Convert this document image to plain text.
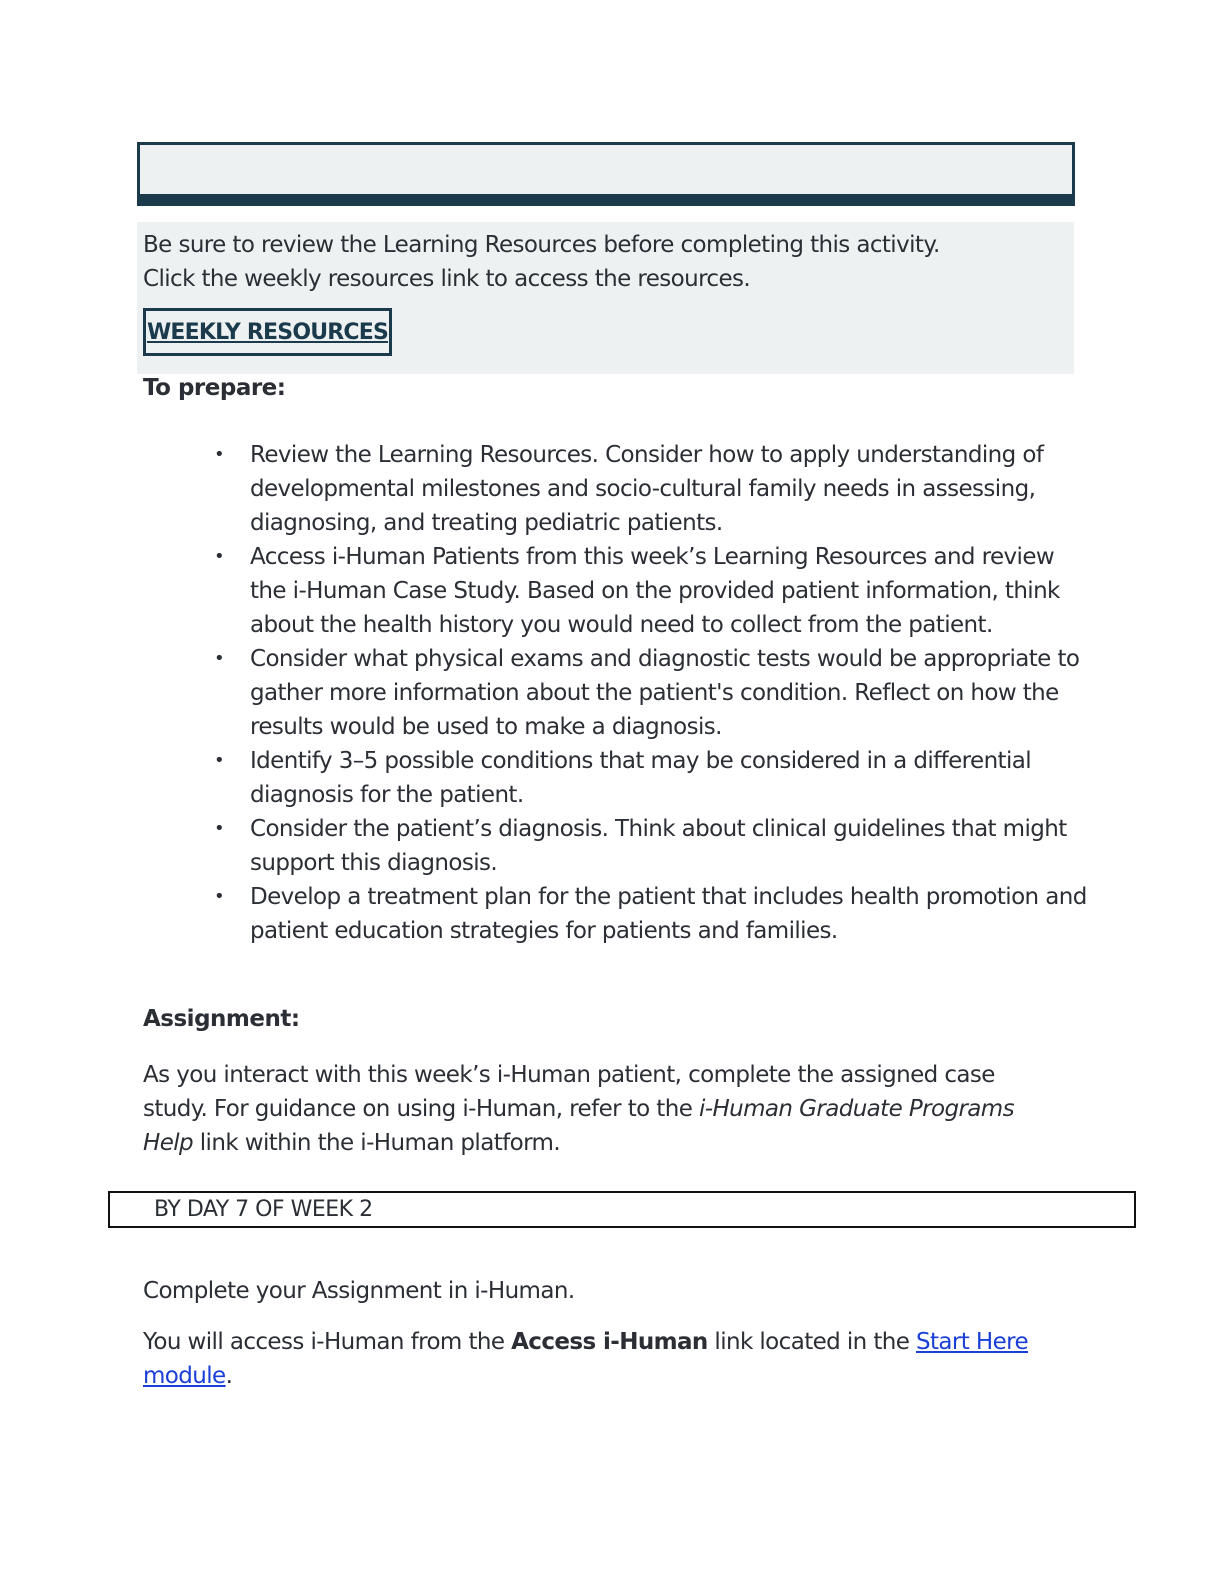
Be sure to review the Learning Resources before completing this activity.
Click the weekly resources link to access the resources.
WEEKLY RESOURCES
To prepare:
• Review the Learning Resources. Consider how to apply understanding of developmental milestones and socio-cultural family needs in assessing, diagnosing, and treating pediatric patients.
• Access i-Human Patients from this week’s Learning Resources and review the i-Human Case Study. Based on the provided patient information, think about the health history you would need to collect from the patient.
• Consider what physical exams and diagnostic tests would be appropriate to gather more information about the patient's condition. Reflect on how the results would be used to make a diagnosis.
• Identify 3–5 possible conditions that may be considered in a differential diagnosis for the patient.
• Consider the patient’s diagnosis. Think about clinical guidelines that might support this diagnosis.
• Develop a treatment plan for the patient that includes health promotion and patient education strategies for patients and families.
Assignment:
As you interact with this week’s i-Human patient, complete the assigned case study. For guidance on using i-Human, refer to the i-Human Graduate Programs Help link within the i-Human platform.
BY DAY 7 OF WEEK 2
Complete your Assignment in i-Human.
You will access i-Human from the Access i-Human link located in the Start Here module.
